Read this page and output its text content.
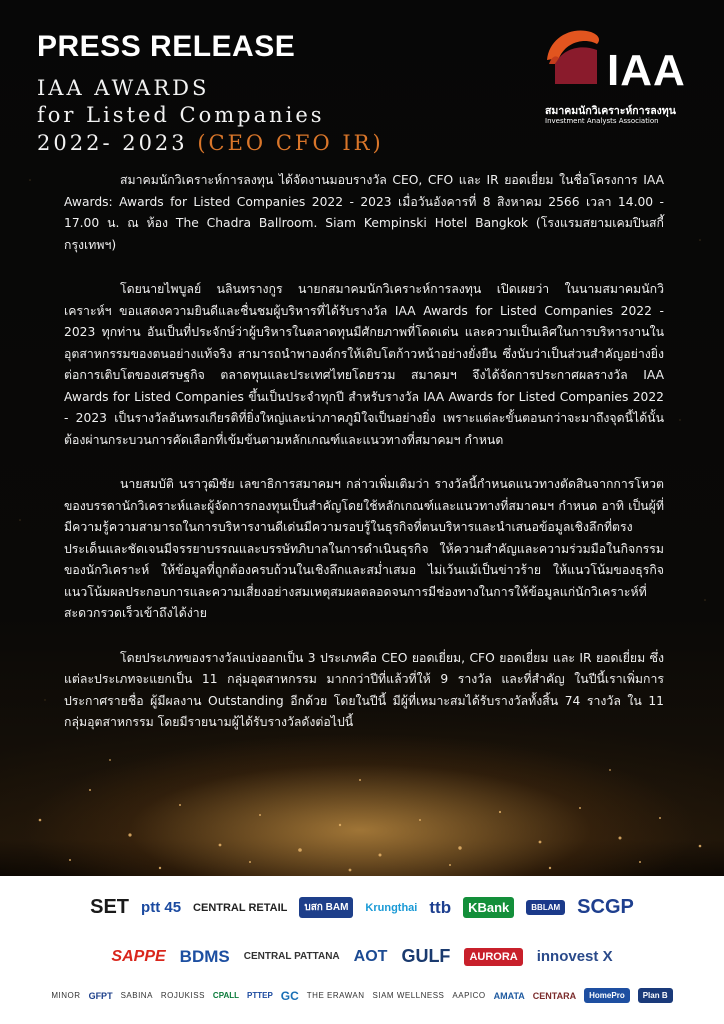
PRESS RELEASE
IAA AWARDS
for Listed Companies
2022- 2023 (CEO CFO IR)
IAA
สมาคมนักวิเคราะห์การลงทุน
Investment Analysts Association

สมาคมนักวิเคราะห์การลงทุน ได้จัดงานมอบรางวัล CEO, CFO และ IR ยอดเยี่ยม ในชื่อโครงการ IAA Awards: Awards for Listed Companies 2022 - 2023 เมื่อวันอังคารที่ 8 สิงหาคม 2566 เวลา 14.00 - 17.00 น. ณ ห้อง The Chadra Ballroom. Siam Kempinski Hotel Bangkok (โรงแรมสยามเคมปินสกี้ กรุงเทพฯ)

โดยนายไพบูลย์ นลินทรางกูร นายกสมาคมนักวิเคราะห์การลงทุน เปิดเผยว่า ในนามสมาคมนักวิเคราะห์ฯ ขอแสดงความยินดีและชื่นชมผู้บริหารที่ได้รับรางวัล IAA Awards for Listed Companies 2022 - 2023 ทุกท่าน อันเป็นที่ประจักษ์ว่าผู้บริหารในตลาดทุนมีศักยภาพที่โดดเด่น และความเป็นเลิศในการบริหารงานในอุตสาหกรรมของตนอย่างแท้จริง สามารถนำพาองค์กรให้เติบโตก้าวหน้าอย่างยั่งยืน ซึ่งนับว่าเป็นส่วนสำคัญอย่างยิ่งต่อการเติบโตของเศรษฐกิจ ตลาดทุนและประเทศไทยโดยรวม สมาคมฯ จึงได้จัดการประกาศผลรางวัล IAA Awards for Listed Companies ขึ้นเป็นประจำทุกปี สำหรับรางวัล IAA Awards for Listed Companies 2022 - 2023 เป็นรางวัลอันทรงเกียรติที่ยิ่งใหญ่และน่าภาคภูมิใจเป็นอย่างยิ่ง เพราะแต่ละขั้นตอนกว่าจะมาถึงจุดนี้ได้นั้น ต้องผ่านกระบวนการคัดเลือกที่เข้มข้นตามหลักเกณฑ์และแนวทางที่สมาคมฯ กำหนด

นายสมบัติ นราวุฒิชัย เลขาธิการสมาคมฯ กล่าวเพิ่มเติมว่า รางวัลนี้กำหนดแนวทางตัดสินจากการโหวตของบรรดานักวิเคราะห์และผู้จัดการกองทุนเป็นสำคัญโดยใช้หลักเกณฑ์และแนวทางที่สมาคมฯ กำหนด อาทิ เป็นผู้ที่มีความรู้ความสามารถในการบริหารงานดีเด่นมีความรอบรู้ในธุรกิจที่ตนบริหารและนำเสนอข้อมูลเชิงลึกที่ตรงประเด็นและชัดเจนมีจรรยาบรรณและบรรษัทภิบาลในการดำเนินธุรกิจ ให้ความสำคัญและความร่วมมือในกิจกรรมของนักวิเคราะห์ ให้ข้อมูลที่ถูกต้องครบถ้วนในเชิงลึกและสม่ำเสมอ ไม่เว้นแม้เป็นข่าวร้าย ให้แนวโน้มของธุรกิจ แนวโน้มผลประกอบการและความเสี่ยงอย่างสมเหตุสมผลตลอดจนการมีช่องทางในการให้ข้อมูลแก่นักวิเคราะห์ที่สะดวกรวดเร็วเข้าถึงได้ง่าย

โดยประเภทของรางวัลแบ่งออกเป็น 3 ประเภทคือ CEO ยอดเยี่ยม, CFO ยอดเยี่ยม และ IR ยอดเยี่ยม ซึ่งแต่ละประเภทจะแยกเป็น 11 กลุ่มอุตสาหกรรม มากกว่าปีที่แล้วที่ให้ 9 รางวัล และที่สำคัญ ในปีนี้เราเพิ่มการประกาศรายชื่อ ผู้มีผลงาน Outstanding อีกด้วย โดยในปีนี้ มีผู้ที่เหมาะสมได้รับรางวัลทั้งสิ้น 74 รางวัล ใน 11 กลุ่มอุตสาหกรรม โดยมีรายนามผู้ได้รับรางวัลดังต่อไปนี้

SET ptt 45 CENTRAL RETAIL	บสก BAM	Krungthai ttb	KBank	BBLAM SCGP
SAPPE BDMS CENTRAL PATTANA AOT GULF	AURORA	innovest X
MINOR GFPT SABINA ROJUKISS CPALL PTTEP GC THE ERAWAN SIAM WELLNESS AAPICO AMATA CENTARA	HomePro	Plan B
